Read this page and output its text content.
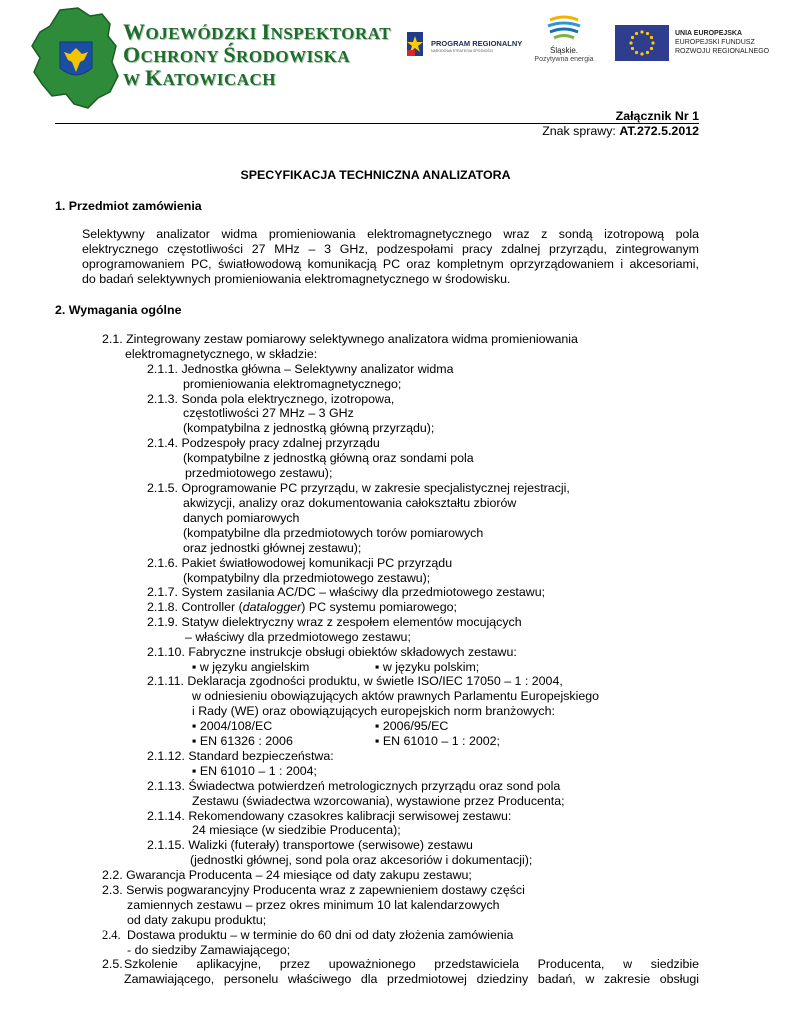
WOJEWÓDZKI INSPEKTORAT
OCHRONY ŚRODOWISKA
W KATOWICACH
PROGRAM REGIONALNY
NARODOWA STRATEGIA SPÓJNOŚCI	Śląskie.
Pozytywna energia
UNIA EUROPEJSKA
EUROPEJSKI FUNDUSZ
ROZWOJU REGIONALNEGO
Załącznik Nr 1
Znak sprawy: AT.272.5.2012
SPECYFIKACJA TECHNICZNA ANALIZATORA
1. Przedmiot zamówienia
Selektywny analizator widma promieniowania elektromagnetycznego wraz z sondą izotropową pola
elektrycznego częstotliwości 27 MHz – 3 GHz, podzespołami pracy zdalnej przyrządu, zintegrowanym
oprogramowaniem PC, światłowodową komunikacją PC oraz kompletnym oprzyrządowaniem i akcesoriami,
do badań selektywnych promieniowania elektromagnetycznego w środowisku.
2. Wymagania ogólne
2.1. Zintegrowany zestaw pomiarowy selektywnego analizatora widma promieniowania
elektromagnetycznego, w składzie:
2.1.1. Jednostka główna – Selektywny analizator widma
promieniowania elektromagnetycznego;
2.1.3. Sonda pola elektrycznego, izotropowa,
częstotliwości 27 MHz – 3 GHz
(kompatybilna z jednostką główną przyrządu);
2.1.4. Podzespoły pracy zdalnej przyrządu
(kompatybilne z jednostką główną oraz sondami pola
przedmiotowego zestawu);
2.1.5. Oprogramowanie PC przyrządu, w zakresie specjalistycznej rejestracji,
akwizycji, analizy oraz dokumentowania całokształtu zbiorów
danych pomiarowych
(kompatybilne dla przedmiotowych torów pomiarowych
oraz jednostki głównej zestawu);
2.1.6. Pakiet światłowodowej komunikacji PC przyrządu
(kompatybilny dla przedmiotowego zestawu);
2.1.7. System zasilania AC/DC – właściwy dla przedmiotowego zestawu;
2.1.8. Controller (datalogger) PC systemu pomiarowego;
2.1.9. Statyw dielektryczny wraz z zespołem elementów mocujących
– właściwy dla przedmiotowego zestawu;
2.1.10. Fabryczne instrukcje obsługi obiektów składowych zestawu:
▪ w języku angielskim	▪ w języku polskim;
2.1.11. Deklaracja zgodności produktu, w świetle ISO/IEC 17050 – 1 : 2004,
w odniesieniu obowiązujących aktów prawnych Parlamentu Europejskiego
i Rady (WE) oraz obowiązujących europejskich norm branżowych:
▪ 2004/108/EC	▪ 2006/95/EC
▪ EN 61326 : 2006	▪ EN 61010 – 1 : 2002;
2.1.12. Standard bezpieczeństwa:
▪ EN 61010 – 1 : 2004;
2.1.13. Świadectwa potwierdzeń metrologicznych przyrządu oraz sond pola
Zestawu (świadectwa wzorcowania), wystawione przez Producenta;
2.1.14. Rekomendowany czasokres kalibracji serwisowej zestawu:
24 miesiące (w siedzibie Producenta);
2.1.15. Walizki (futerały) transportowe (serwisowe) zestawu
(jednostki głównej, sond pola oraz akcesoriów i dokumentacji);
2.2. Gwarancja Producenta – 24 miesiące od daty zakupu zestawu;
2.3. Serwis pogwarancyjny Producenta wraz z zapewnieniem dostawy części
zamiennych zestawu – przez okres minimum 10 lat kalendarzowych
od daty zakupu produktu;
2.4. Dostawa produktu – w terminie do 60 dni od daty złożenia zamówienia
- do siedziby Zamawiającego;
2.5. Szkolenie aplikacyjne, przez upoważnionego przedstawiciela Producenta, w siedzibie
Zamawiającego, personelu właściwego dla przedmiotowej dziedziny badań, w zakresie obsługi
